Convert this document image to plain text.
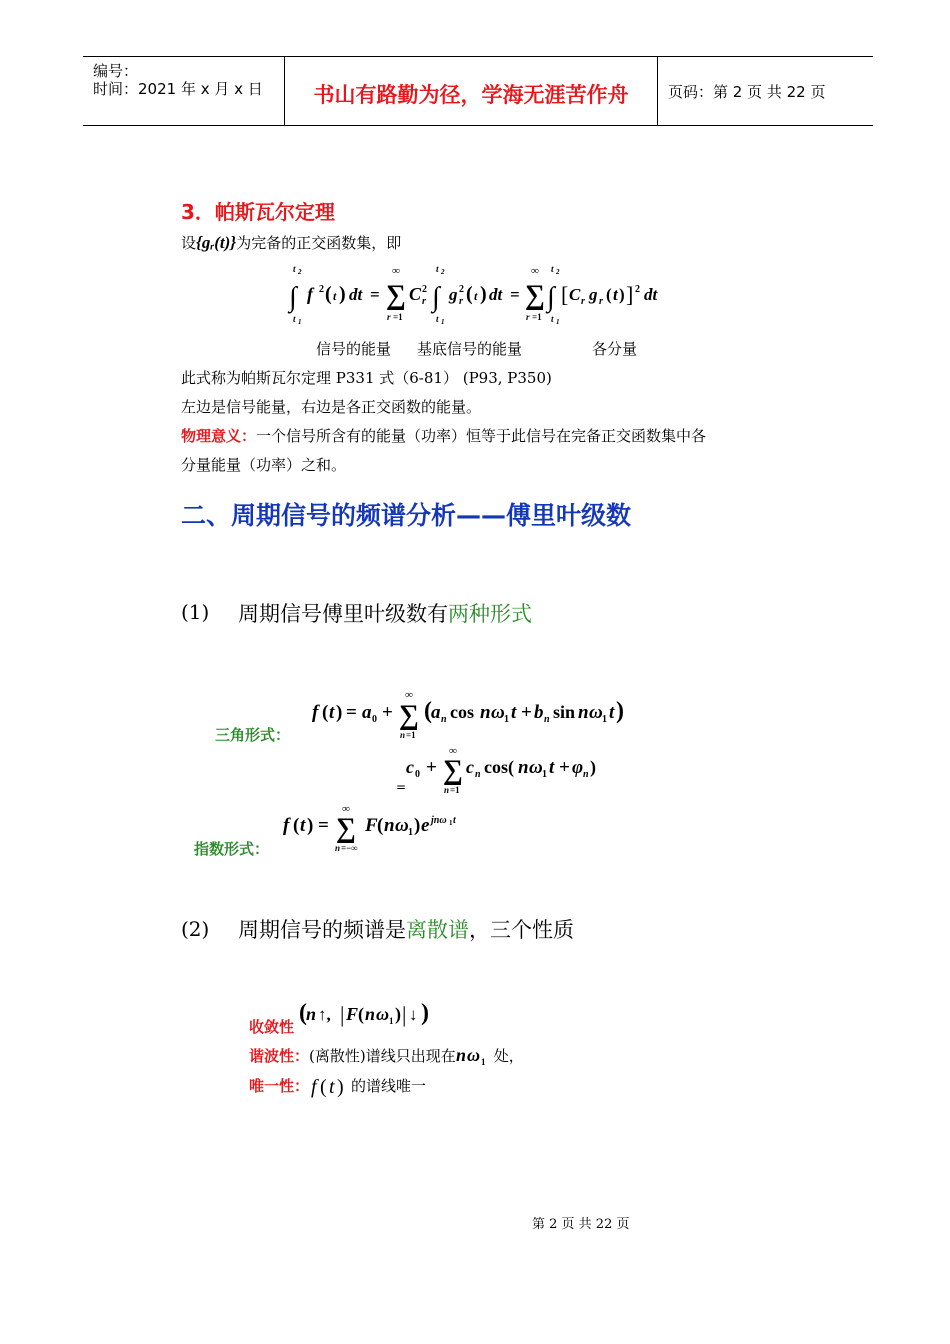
编号：
时间：2021 年 x 月 x 日	书山有路勤为径，学海无涯苦作舟	页码：第 2 页 共 22 页
3．帕斯瓦尔定理
设{gᵣ(t)}为完备的正交函数集，即
t 2
∫
t 1
f 2 ( t ) dt =
∞
∑
r =1
C 2
r
t 2
∫
t 1
g 2
r ( t ) dt =
∞
∑
r =1
t 2
∫
t 1
[ C r g r ( t ) ] 2 dt
信号的能量 基底信号的能量	各分量
此式称为帕斯瓦尔定理 P331 式（6-81） (P93, P350)
左边是信号能量，右边是各正交函数的能量。
物理意义：一个信号所含有的能量（功率）恒等于此信号在完备正交函数集中各
分量能量（功率）之和。
二、周期信号的频谱分析——傅里叶级数
(1) 周期信号傅里叶级数有两种形式
三角形式：
f ( t ) = a 0 +
∞
∑
n =1
( a n cos n ω 1 t + b n sin n ω 1 t )
c 0 +
∞
∑
n =1
c n cos( n ω 1 t + φ n )
=
f ( t ) =
∞
∑
n =−∞
F ( n ω 1 ) e jnω 1 t
指数形式：
(2) 周期信号的频谱是离散谱，三个性质
收敛性
( n ↑, | F ( n ω 1 ) | ↓ )
谐波性：(离散性)谱线只出现在 n ω 1 处，
唯一性： f ( t ) 的谱线唯一
第 2 页 共 22 页
